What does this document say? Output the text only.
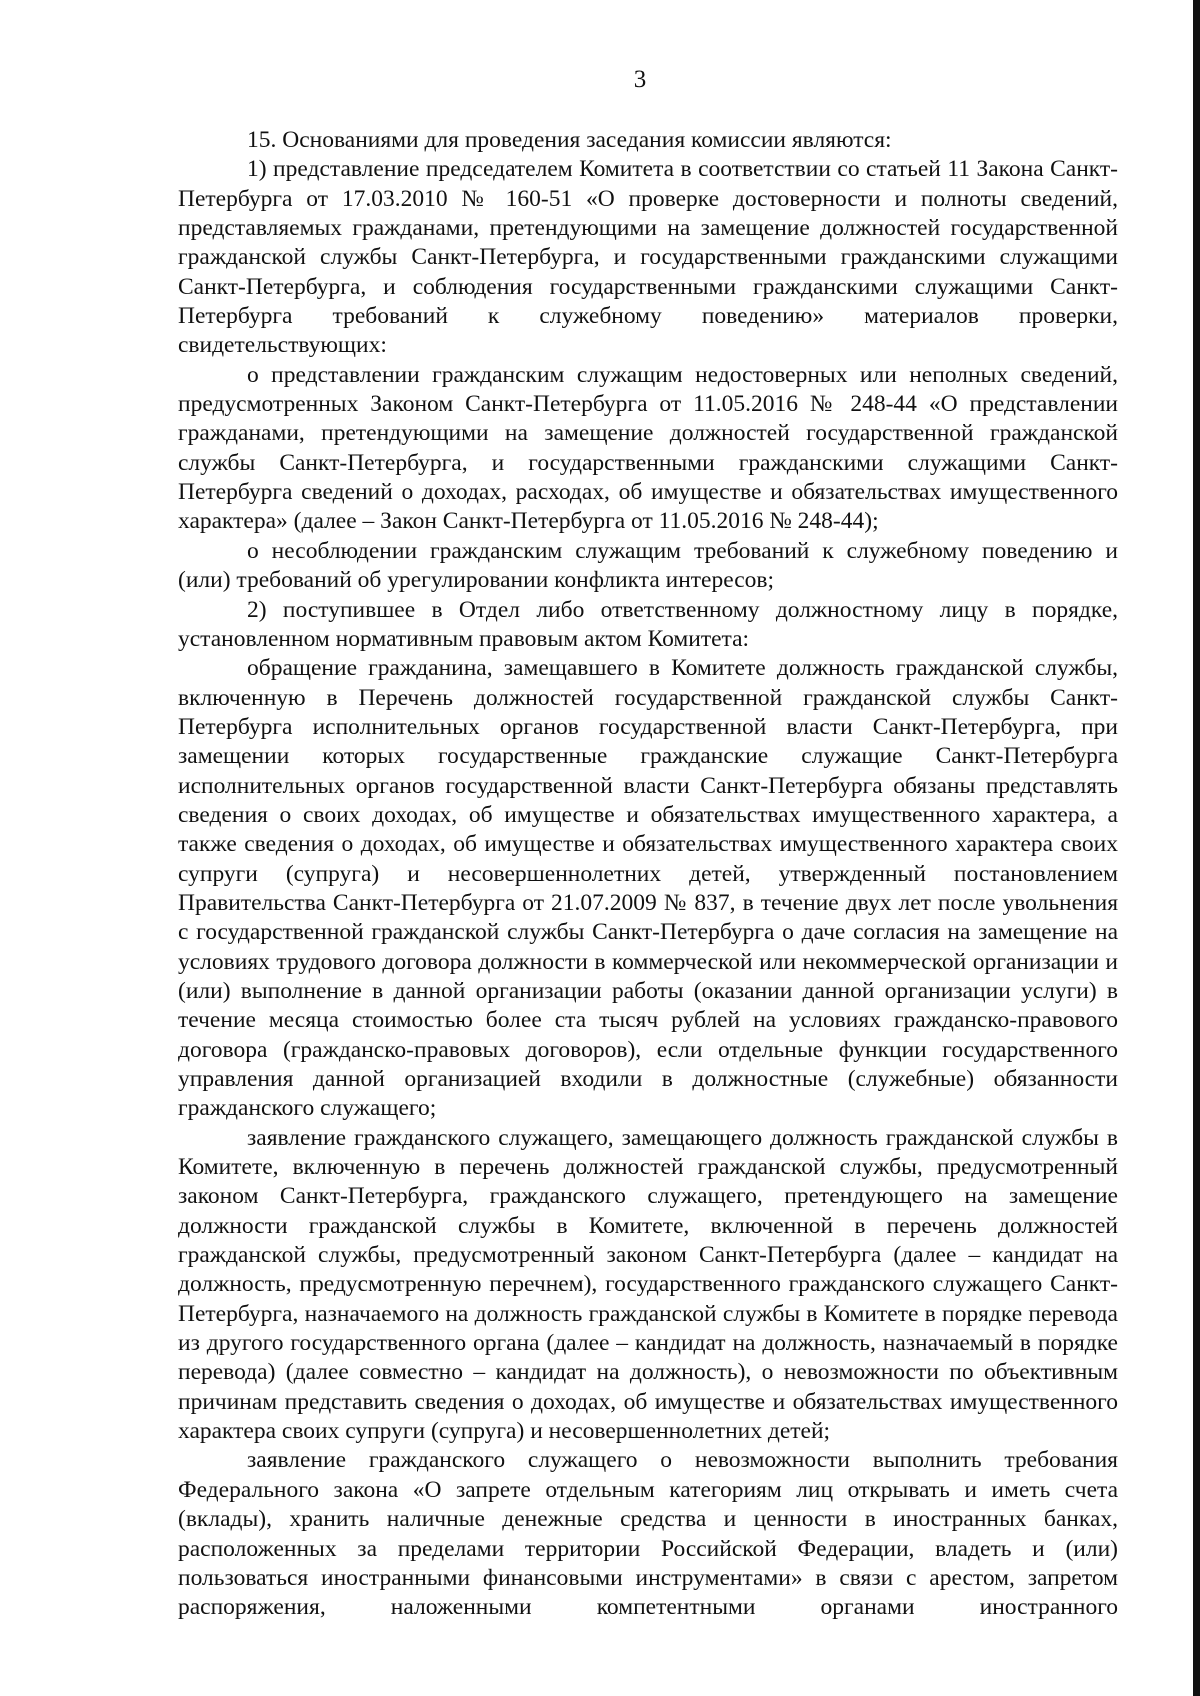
3

15. Основаниями для проведения заседания комиссии являются:

1) представление председателем Комитета в соответствии со статьей 11 Закона Санкт-Петербурга от 17.03.2010 № 160-51 «О проверке достоверности и полноты сведений, представляемых гражданами, претендующими на замещение должностей государственной гражданской службы Санкт-Петербурга, и государственными гражданскими служащими Санкт-Петербурга, и соблюдения государственными гражданскими служащими Санкт-Петербурга требований к служебному поведению» материалов проверки, свидетельствующих:

о представлении гражданским служащим недостоверных или неполных сведений, предусмотренных Законом Санкт-Петербурга от 11.05.2016 № 248-44 «О представлении гражданами, претендующими на замещение должностей государственной гражданской службы Санкт-Петербурга, и государственными гражданскими служащими Санкт-Петербурга сведений о доходах, расходах, об имуществе и обязательствах имущественного характера» (далее – Закон Санкт-Петербурга от 11.05.2016 № 248-44);

о несоблюдении гражданским служащим требований к служебному поведению и (или) требований об урегулировании конфликта интересов;

2) поступившее в Отдел либо ответственному должностному лицу в порядке, установленном нормативным правовым актом Комитета:

обращение гражданина, замещавшего в Комитете должность гражданской службы, включенную в Перечень должностей государственной гражданской службы Санкт-Петербурга исполнительных органов государственной власти Санкт-Петербурга, при замещении которых государственные гражданские служащие Санкт-Петербурга исполнительных органов государственной власти Санкт-Петербурга обязаны представлять сведения о своих доходах, об имуществе и обязательствах имущественного характера, а также сведения о доходах, об имуществе и обязательствах имущественного характера своих супруги (супруга) и несовершеннолетних детей, утвержденный постановлением Правительства Санкт-Петербурга от 21.07.2009 № 837, в течение двух лет после увольнения с государственной гражданской службы Санкт-Петербурга о даче согласия на замещение на условиях трудового договора должности в коммерческой или некоммерческой организации и (или) выполнение в данной организации работы (оказании данной организации услуги) в течение месяца стоимостью более ста тысяч рублей на условиях гражданско-правового договора (гражданско-правовых договоров), если отдельные функции государственного управления данной организацией входили в должностные (служебные) обязанности гражданского служащего;

заявление гражданского служащего, замещающего должность гражданской службы в Комитете, включенную в перечень должностей гражданской службы, предусмотренный законом Санкт-Петербурга, гражданского служащего, претендующего на замещение должности гражданской службы в Комитете, включенной в перечень должностей гражданской службы, предусмотренный законом Санкт-Петербурга (далее – кандидат на должность, предусмотренную перечнем), государственного гражданского служащего Санкт-Петербурга, назначаемого на должность гражданской службы в Комитете в порядке перевода из другого государственного органа (далее – кандидат на должность, назначаемый в порядке перевода) (далее совместно – кандидат на должность), о невозможности по объективным причинам представить сведения о доходах, об имуществе и обязательствах имущественного характера своих супруги (супруга) и несовершеннолетних детей;

заявление гражданского служащего о невозможности выполнить требования Федерального закона «О запрете отдельным категориям лиц открывать и иметь счета (вклады), хранить наличные денежные средства и ценности в иностранных банках, расположенных за пределами территории Российской Федерации, владеть и (или) пользоваться иностранными финансовыми инструментами» в связи с арестом, запретом распоряжения, наложенными компетентными органами иностранного
